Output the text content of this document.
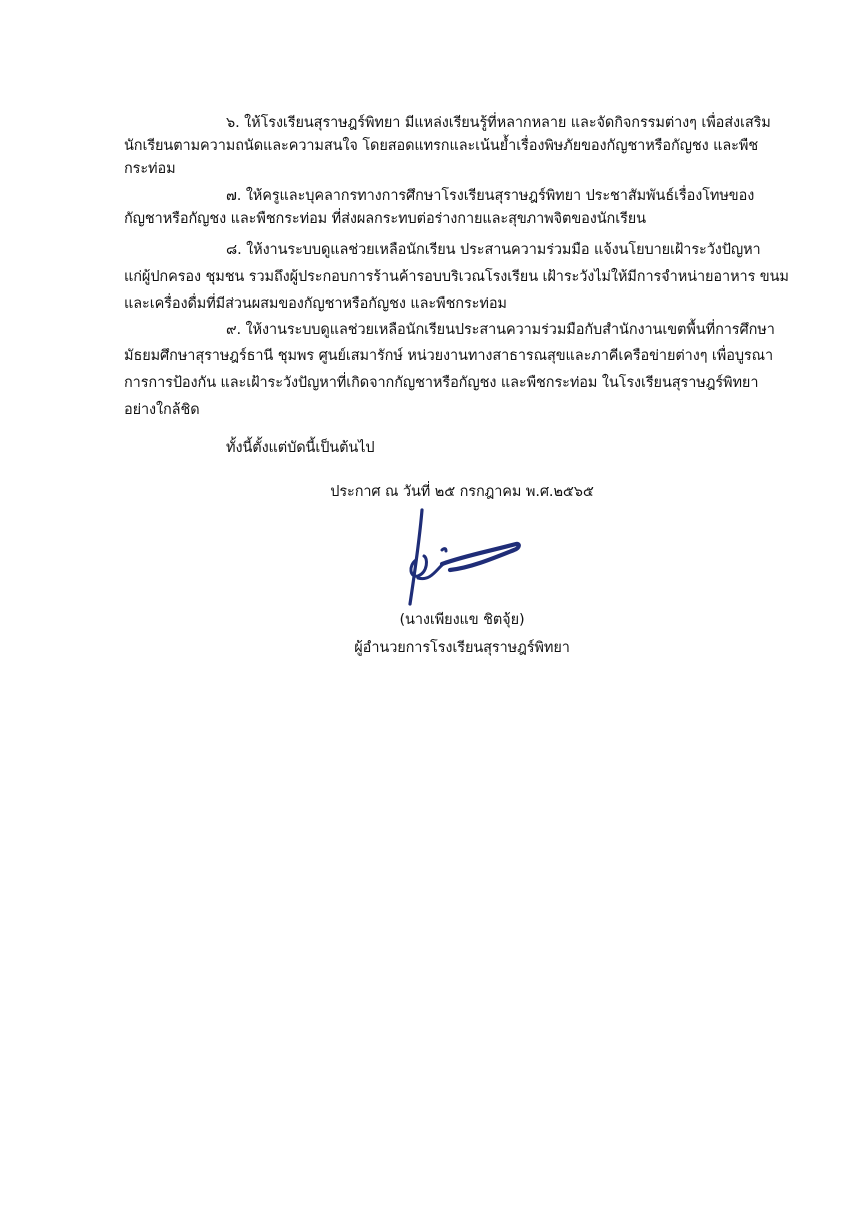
๖. ให้โรงเรียนสุราษฎร์พิทยา มีแหล่งเรียนรู้ที่หลากหลาย และจัดกิจกรรมต่างๆ เพื่อส่งเสริม
นักเรียนตามความถนัดและความสนใจ โดยสอดแทรกและเน้นย้ำเรื่องพิษภัยของกัญชาหรือกัญชง และพืช
กระท่อม
๗. ให้ครูและบุคลากรทางการศึกษาโรงเรียนสุราษฎร์พิทยา ประชาสัมพันธ์เรื่องโทษของ
กัญชาหรือกัญชง และพืชกระท่อม ที่ส่งผลกระทบต่อร่างกายและสุขภาพจิตของนักเรียน
๘. ให้งานระบบดูแลช่วยเหลือนักเรียน ประสานความร่วมมือ แจ้งนโยบายเฝ้าระวังปัญหา
แก่ผู้ปกครอง ชุมชน รวมถึงผู้ประกอบการร้านค้ารอบบริเวณโรงเรียน เฝ้าระวังไม่ให้มีการจำหน่ายอาหาร ขนม
และเครื่องดื่มที่มีส่วนผสมของกัญชาหรือกัญชง และพืชกระท่อม
๙. ให้งานระบบดูแลช่วยเหลือนักเรียนประสานความร่วมมือกับสำนักงานเขตพื้นที่การศึกษา
มัธยมศึกษาสุราษฎร์ธานี ชุมพร ศูนย์เสมารักษ์ หน่วยงานทางสาธารณสุขและภาคีเครือข่ายต่างๆ เพื่อบูรณา
การการป้องกัน และเฝ้าระวังปัญหาที่เกิดจากกัญชาหรือกัญชง และพืชกระท่อม ในโรงเรียนสุราษฎร์พิทยา
อย่างใกล้ชิด
ทั้งนี้ตั้งแต่บัดนี้เป็นต้นไป
ประกาศ ณ วันที่ ๒๕ กรกฎาคม พ.ศ.๒๕๖๕
(นางเพียงแข ชิตจุ้ย)
ผู้อำนวยการโรงเรียนสุราษฎร์พิทยา
